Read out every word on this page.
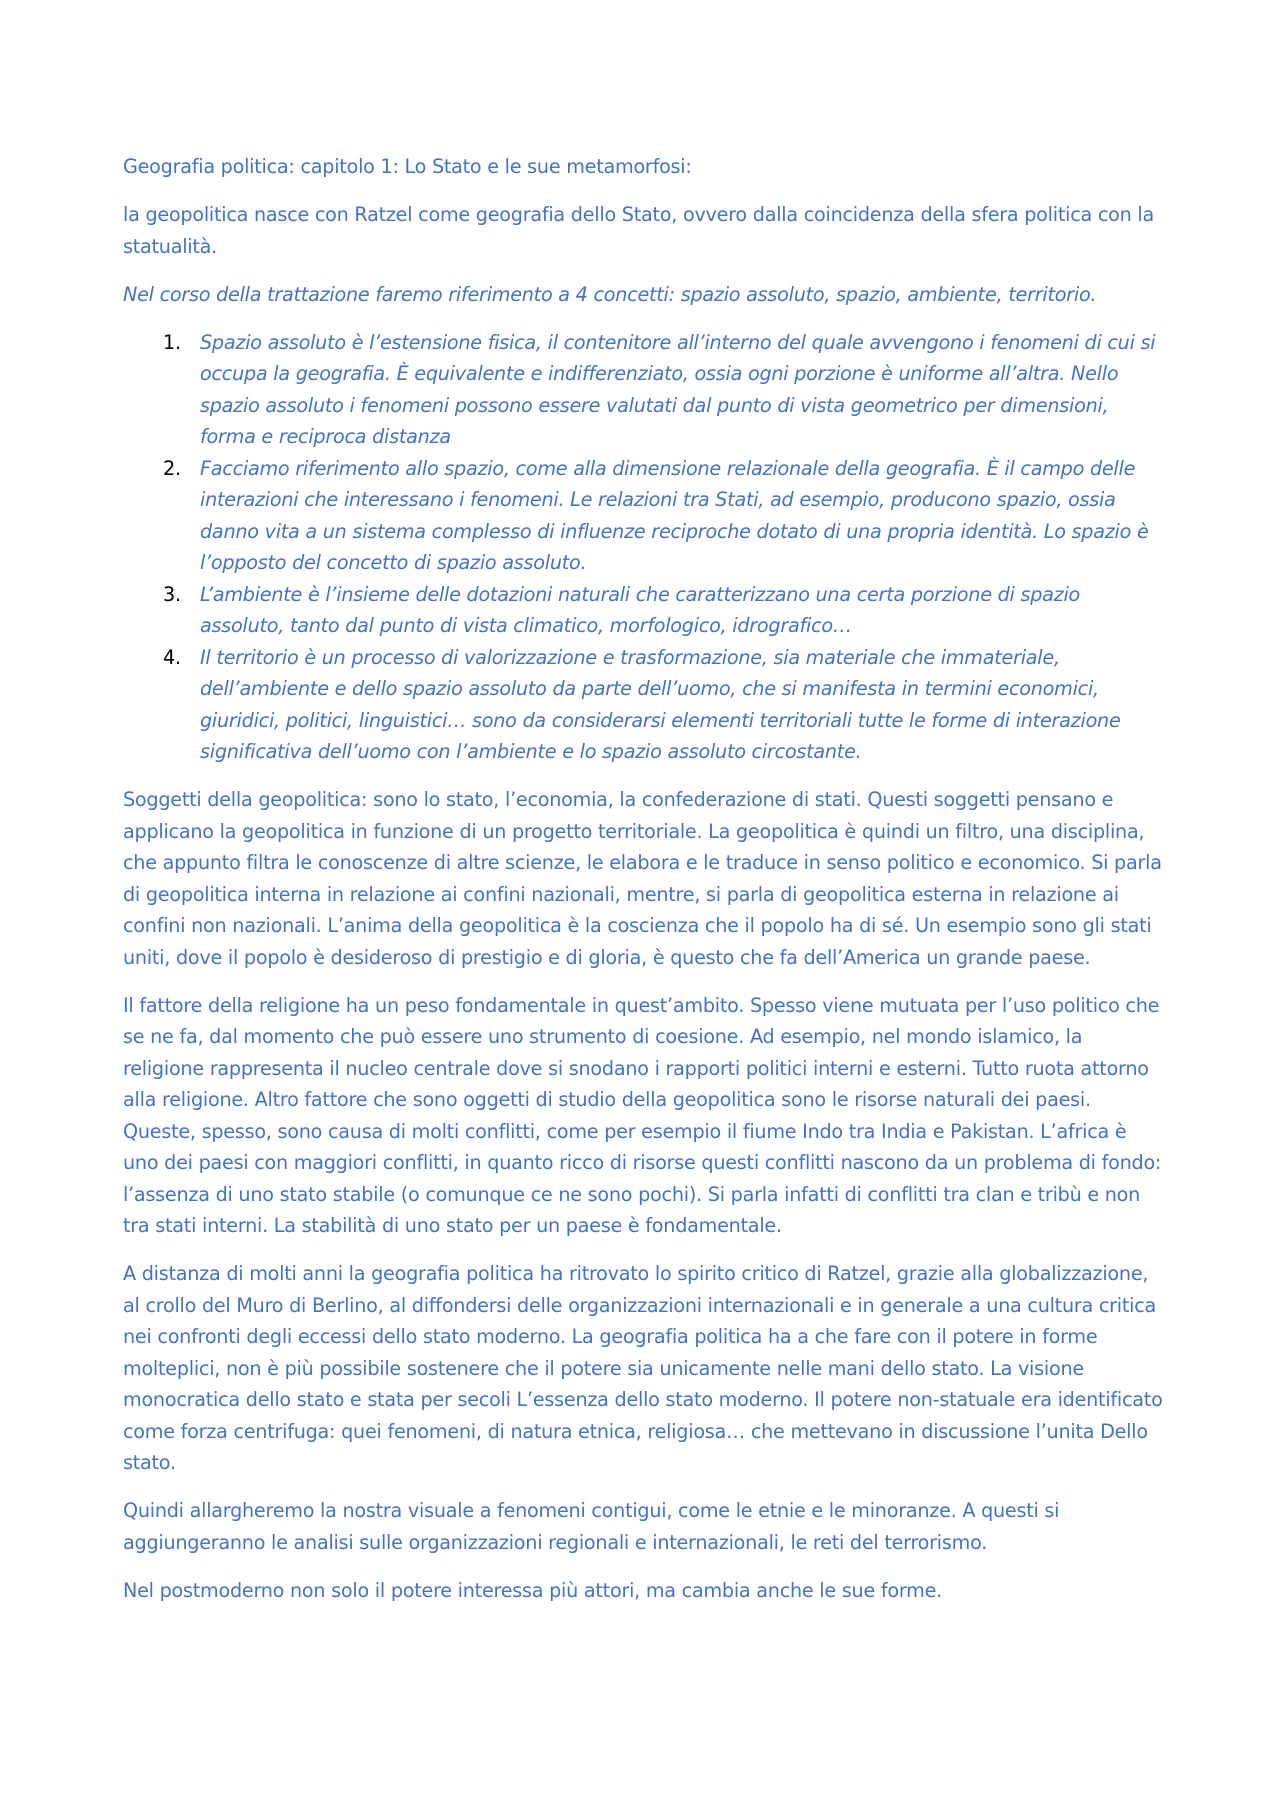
Geografia politica: capitolo 1: Lo Stato e le sue metamorfosi:

la geopolitica nasce con Ratzel come geografia dello Stato, ovvero dalla coincidenza della sfera politica con la statualità.

Nel corso della trattazione faremo riferimento a 4 concetti: spazio assoluto, spazio, ambiente, territorio.

1. Spazio assoluto è l’estensione fisica, il contenitore all’interno del quale avvengono i fenomeni di cui si occupa la geografia. È equivalente e indifferenziato, ossia ogni porzione è uniforme all’altra. Nello spazio assoluto i fenomeni possono essere valutati dal punto di vista geometrico per dimensioni, forma e reciproca distanza
2. Facciamo riferimento allo spazio, come alla dimensione relazionale della geografia. È il campo delle interazioni che interessano i fenomeni. Le relazioni tra Stati, ad esempio, producono spazio, ossia danno vita a un sistema complesso di influenze reciproche dotato di una propria identità. Lo spazio è l’opposto del concetto di spazio assoluto.
3. L’ambiente è l’insieme delle dotazioni naturali che caratterizzano una certa porzione di spazio assoluto, tanto dal punto di vista climatico, morfologico, idrografico…
4. Il territorio è un processo di valorizzazione e trasformazione, sia materiale che immateriale, dell’ambiente e dello spazio assoluto da parte dell’uomo, che si manifesta in termini economici, giuridici, politici, linguistici… sono da considerarsi elementi territoriali tutte le forme di interazione significativa dell’uomo con l’ambiente e lo spazio assoluto circostante.

Soggetti della geopolitica: sono lo stato, l’economia, la confederazione di stati. Questi soggetti pensano e applicano la geopolitica in funzione di un progetto territoriale. La geopolitica è quindi un filtro, una disciplina, che appunto filtra le conoscenze di altre scienze, le elabora e le traduce in senso politico e economico. Si parla di geopolitica interna in relazione ai confini nazionali, mentre, si parla di geopolitica esterna in relazione ai confini non nazionali. L’anima della geopolitica è la coscienza che il popolo ha di sé. Un esempio sono gli stati uniti, dove il popolo è desideroso di prestigio e di gloria, è questo che fa dell’America un grande paese.

Il fattore della religione ha un peso fondamentale in quest’ambito. Spesso viene mutuata per l’uso politico che se ne fa, dal momento che può essere uno strumento di coesione. Ad esempio, nel mondo islamico, la religione rappresenta il nucleo centrale dove si snodano i rapporti politici interni e esterni. Tutto ruota attorno alla religione. Altro fattore che sono oggetti di studio della geopolitica sono le risorse naturali dei paesi. Queste, spesso, sono causa di molti conflitti, come per esempio il fiume Indo tra India e Pakistan. L’africa è uno dei paesi con maggiori conflitti, in quanto ricco di risorse questi conflitti nascono da un problema di fondo: l’assenza di uno stato stabile (o comunque ce ne sono pochi). Si parla infatti di conflitti tra clan e tribù e non tra stati interni. La stabilità di uno stato per un paese è fondamentale.

A distanza di molti anni la geografia politica ha ritrovato lo spirito critico di Ratzel, grazie alla globalizzazione, al crollo del Muro di Berlino, al diffondersi delle organizzazioni internazionali e in generale a una cultura critica nei confronti degli eccessi dello stato moderno. La geografia politica ha a che fare con il potere in forme molteplici, non è più possibile sostenere che il potere sia unicamente nelle mani dello stato. La visione monocratica dello stato e stata per secoli L’essenza dello stato moderno. Il potere non-statuale era identificato come forza centrifuga: quei fenomeni, di natura etnica, religiosa… che mettevano in discussione l’unita Dello stato.

Quindi allargheremo la nostra visuale a fenomeni contigui, come le etnie e le minoranze. A questi si aggiungeranno le analisi sulle organizzazioni regionali e internazionali, le reti del terrorismo.

Nel postmoderno non solo il potere interessa più attori, ma cambia anche le sue forme.
